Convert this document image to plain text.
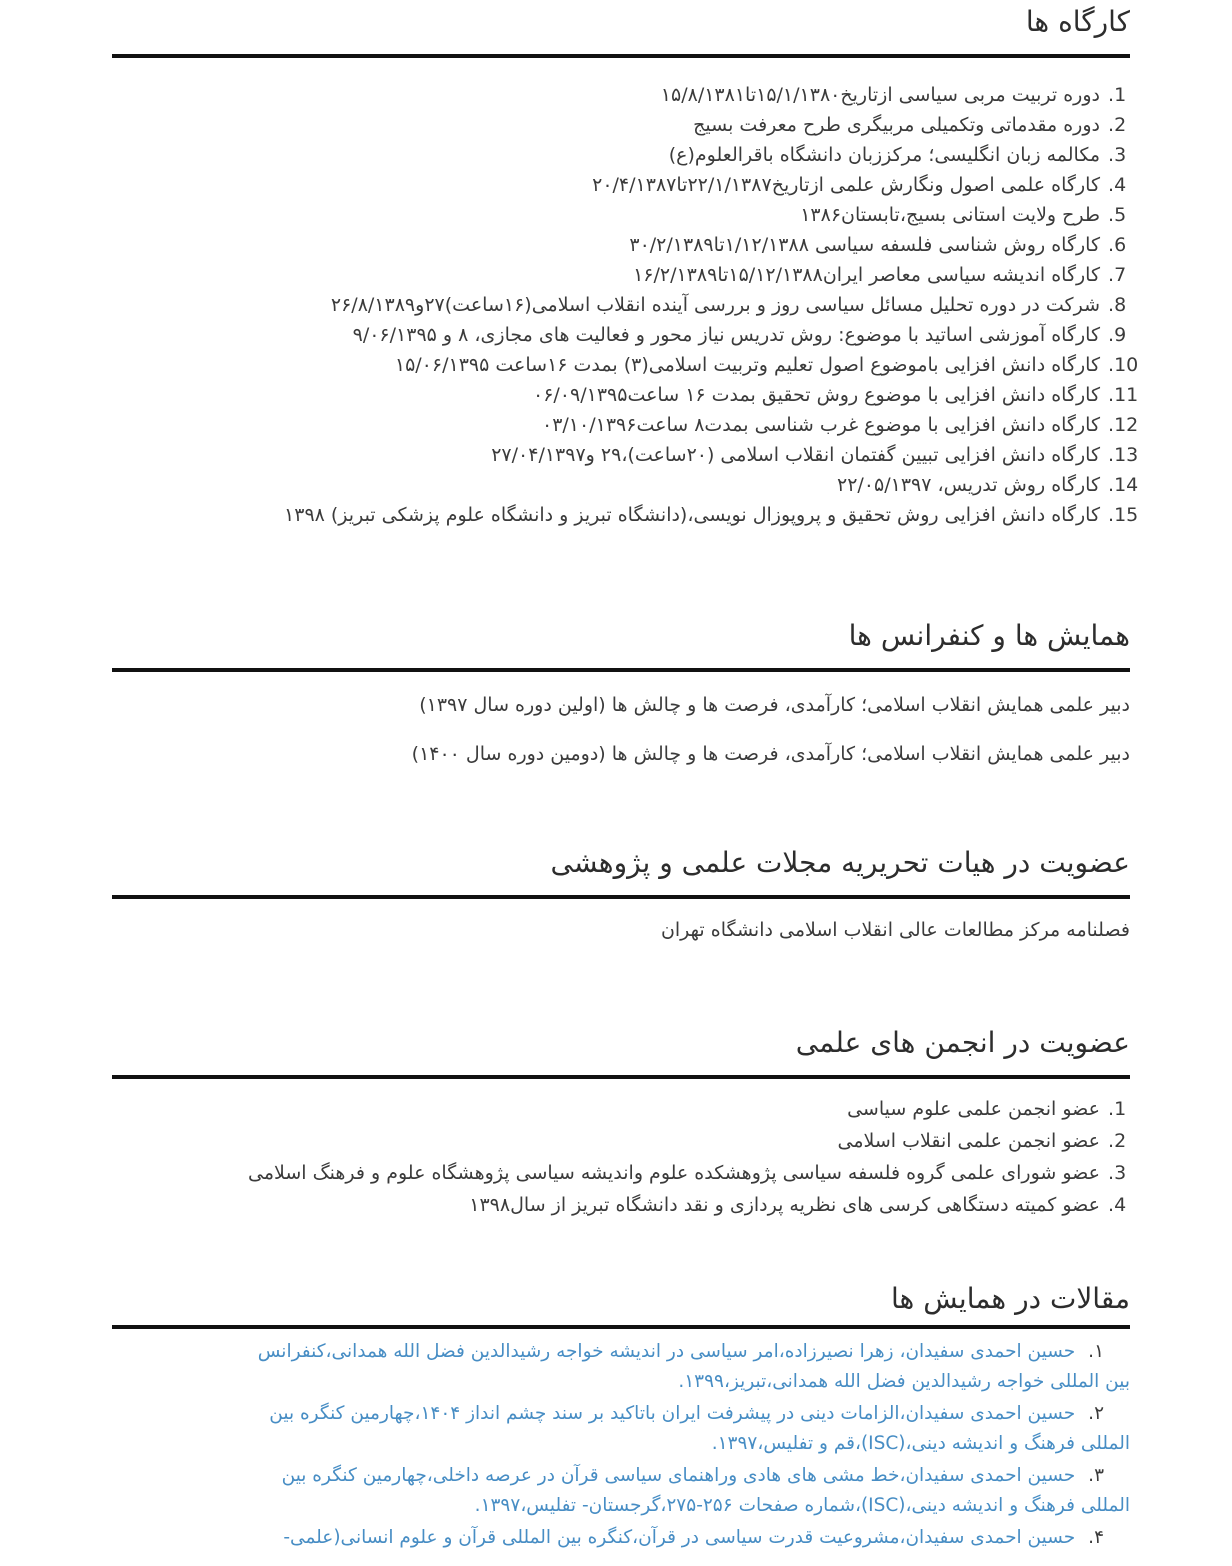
کارگاه ها
1. دوره تربیت مربی سیاسی ازتاریخ۱۵/۱/۱۳۸۰تا۱۵/۸/۱۳۸۱
2. دوره مقدماتی وتکمیلی مربیگری طرح معرفت بسیج
3. مکالمه زبان انگلیسی؛ مرکززبان دانشگاه باقرالعلوم(ع)
4. کارگاه علمی اصول ونگارش علمی ازتاریخ۲۲/۱/۱۳۸۷تا۲۰/۴/۱۳۸۷
5. طرح ولایت استانی بسیج،تابستان۱۳۸۶
6. کارگاه روش شناسی فلسفه سیاسی ۱/۱۲/۱۳۸۸تا۳۰/۲/۱۳۸۹
7. کارگاه اندیشه سیاسی معاصر ایران۱۵/۱۲/۱۳۸۸تا۱۶/۲/۱۳۸۹
8. شرکت در دوره تحلیل مسائل سیاسی روز و بررسی آینده انقلاب اسلامی(۱۶ساعت)۲۷و۲۶/۸/۱۳۸۹
9. کارگاه آموزشی اساتید با موضوع: روش تدریس نیاز محور و فعالیت های مجازی، ۸ و ۹/۰۶/۱۳۹۵
10. کارگاه دانش افزایی باموضوع اصول تعلیم وتربیت اسلامی(۳) بمدت ۱۶ساعت ۱۵/۰۶/۱۳۹۵
11. کارگاه دانش افزایی با موضوع روش تحقیق بمدت ۱۶ ساعت۰۶/۰۹/۱۳۹۵
12. کارگاه دانش افزایی با موضوع غرب شناسی بمدت۸ ساعت۰۳/۱۰/۱۳۹۶
13. کارگاه دانش افزایی تبیین گفتمان انقلاب اسلامی (۲۰ساعت)،۲۹ و۲۷/۰۴/۱۳۹۷
14. کارگاه روش تدریس، ۲۲/۰۵/۱۳۹۷
15. کارگاه دانش افزایی روش تحقیق و پروپوزال نویسی،(دانشگاه تبریز و دانشگاه علوم پزشکی تبریز) ۱۳۹۸
همایش ها و کنفرانس ها

دبیر علمی همایش انقلاب اسلامی؛ کارآمدی، فرصت ها و چالش ها (اولین دوره سال ۱۳۹۷)

دبیر علمی همایش انقلاب اسلامی؛ کارآمدی، فرصت ها و چالش ها (دومین دوره سال ۱۴۰۰)

عضویت در هیات تحریریه مجلات علمی و پژوهشی

فصلنامه مرکز مطالعات عالی انقلاب اسلامی دانشگاه تهران

عضویت در انجمن های علمی
1. عضو انجمن علمی علوم سیاسی
2. عضو انجمن علمی انقلاب اسلامی
3. عضو شورای علمی گروه فلسفه سیاسی پژوهشکده علوم واندیشه سیاسی پژوهشگاه علوم و فرهنگ اسلامی
4. عضو کمیته دستگاهی کرسی های نظریه پردازی و نقد دانشگاه تبریز از سال۱۳۹۸
مقالات در همایش ها
۱.حسین احمدی سفیدان، زهرا نصیرزاده،امر سیاسی در اندیشه خواجه رشیدالدین فضل الله همدانی،کنفرانس
بین المللی خواجه رشیدالدین فضل الله همدانی،تبریز،۱۳۹۹.
۲.حسین احمدی سفیدان،الزامات دینی در پیشرفت ایران باتاکید بر سند چشم انداز ۱۴۰۴،چهارمین کنگره بین
المللی فرهنگ و اندیشه دینی،(ISC)،قم و تفلیس،۱۳۹۷.
۳.حسین احمدی سفیدان،خط مشی های هادی وراهنمای سیاسی قرآن در عرصه داخلی،چهارمین کنگره بین
المللی فرهنگ و اندیشه دینی،(ISC)،شماره صفحات ۲۵۶-۲۷۵،گرجستان- تفلیس،۱۳۹۷.
۴.حسین احمدی سفیدان،مشروعیت قدرت سیاسی در قرآن،کنگره بین المللی قرآن و علوم انسانی(علمی-
